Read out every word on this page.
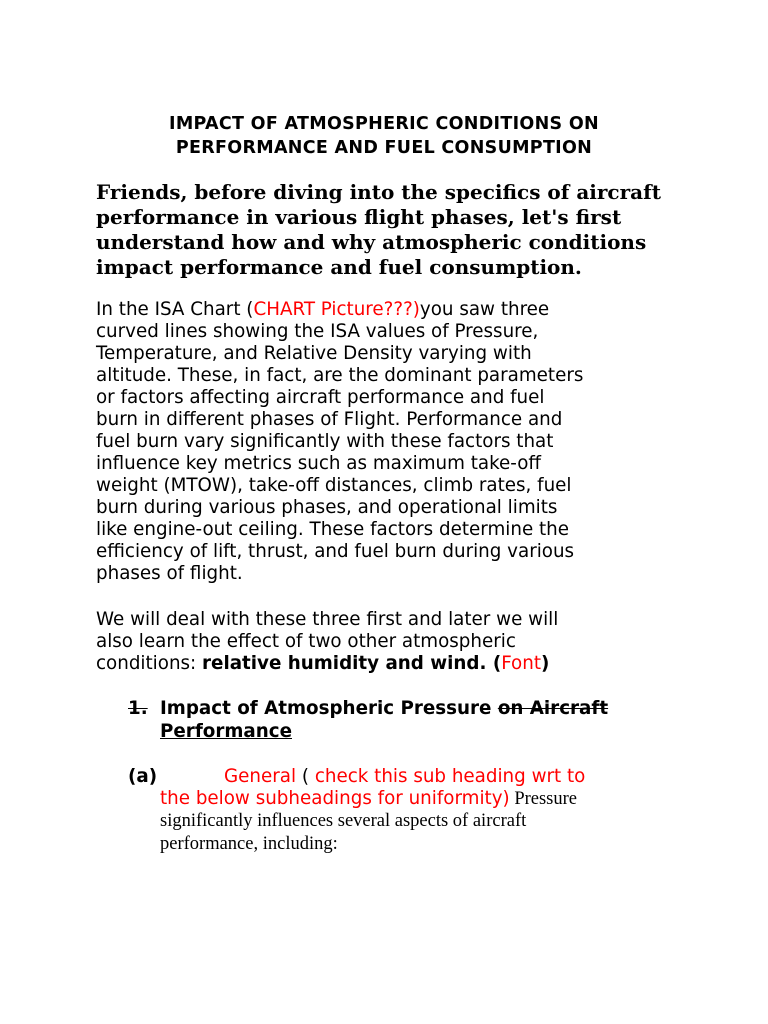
IMPACT OF ATMOSPHERIC CONDITIONS ON
PERFORMANCE AND FUEL CONSUMPTION
Friends, before diving into the specifics of aircraft
performance in various flight phases, let's first
understand how and why atmospheric conditions
impact performance and fuel consumption.
In the ISA Chart (CHART Picture???)you saw three
curved lines showing the ISA values of Pressure,
Temperature, and Relative Density varying with
altitude. These, in fact, are the dominant parameters
or factors affecting aircraft performance and fuel
burn in different phases of Flight. Performance and
fuel burn vary significantly with these factors that
influence key metrics such as maximum take-off
weight (MTOW), take-off distances, climb rates, fuel
burn during various phases, and operational limits
like engine-out ceiling. These factors determine the
efficiency of lift, thrust, and fuel burn during various
phases of flight.
We will deal with these three first and later we will
also learn the effect of two other atmospheric
conditions: relative humidity and wind. (Font)
1. Impact of Atmospheric Pressure on Aircraft
Performance
(a)	General ( check this sub heading wrt to
the below subheadings for uniformity) Pressure
significantly influences several aspects of aircraft
performance, including:
